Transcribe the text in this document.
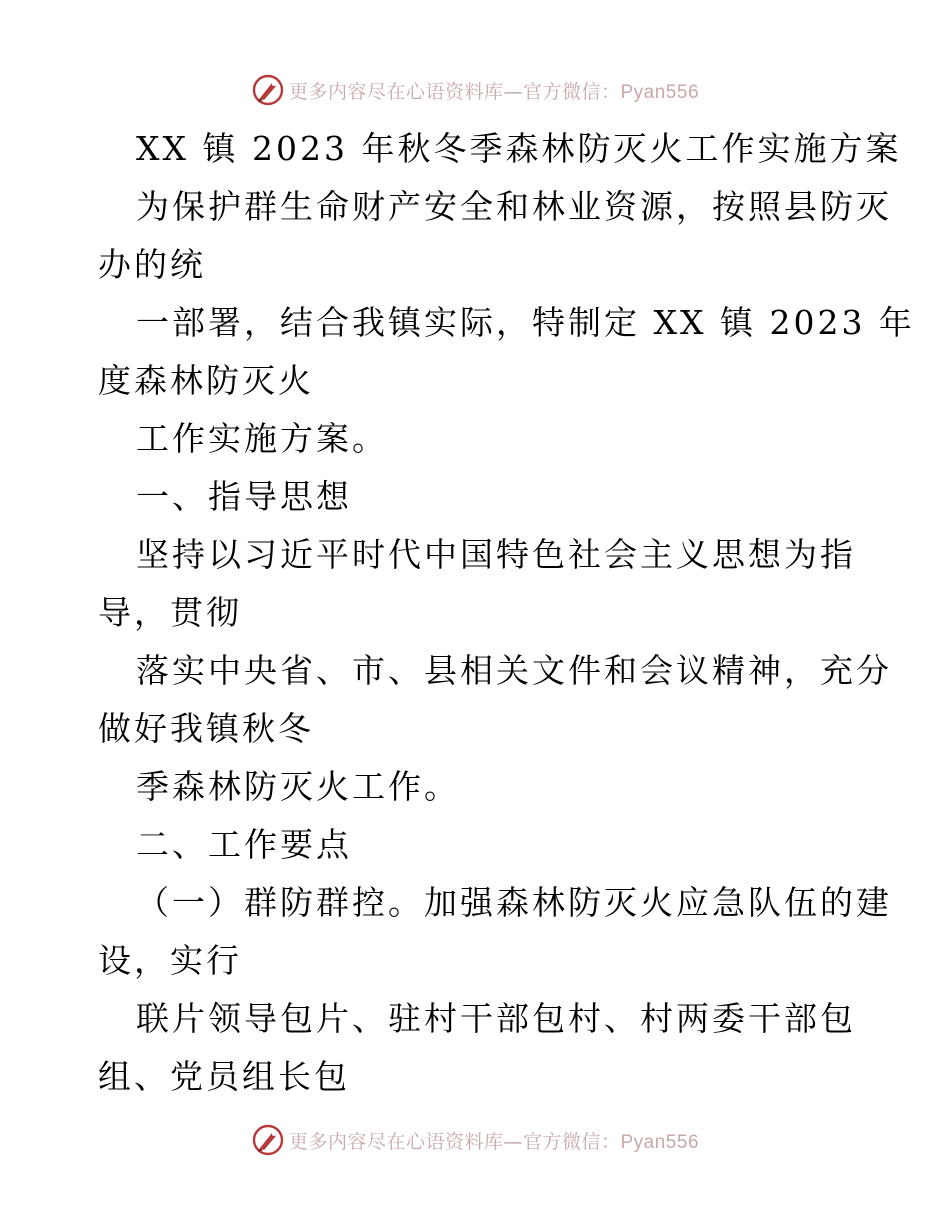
更多内容尽在心语资料库—官方微信：Pyan556
XX 镇 2023 年秋冬季森林防灭火工作实施方案
为保护群生命财产安全和林业资源，按照县防灭
办的统
一部署，结合我镇实际，特制定 XX 镇 2023 年
度森林防灭火
工作实施方案。
一、指导思想
坚持以习近平时代中国特色社会主义思想为指
导，贯彻
落实中央省、市、县相关文件和会议精神，充分
做好我镇秋冬
季森林防灭火工作。
二、工作要点
（一）群防群控。加强森林防灭火应急队伍的建
设，实行
联片领导包片、驻村干部包村、村两委干部包
组、党员组长包
更多内容尽在心语资料库—官方微信：Pyan556
